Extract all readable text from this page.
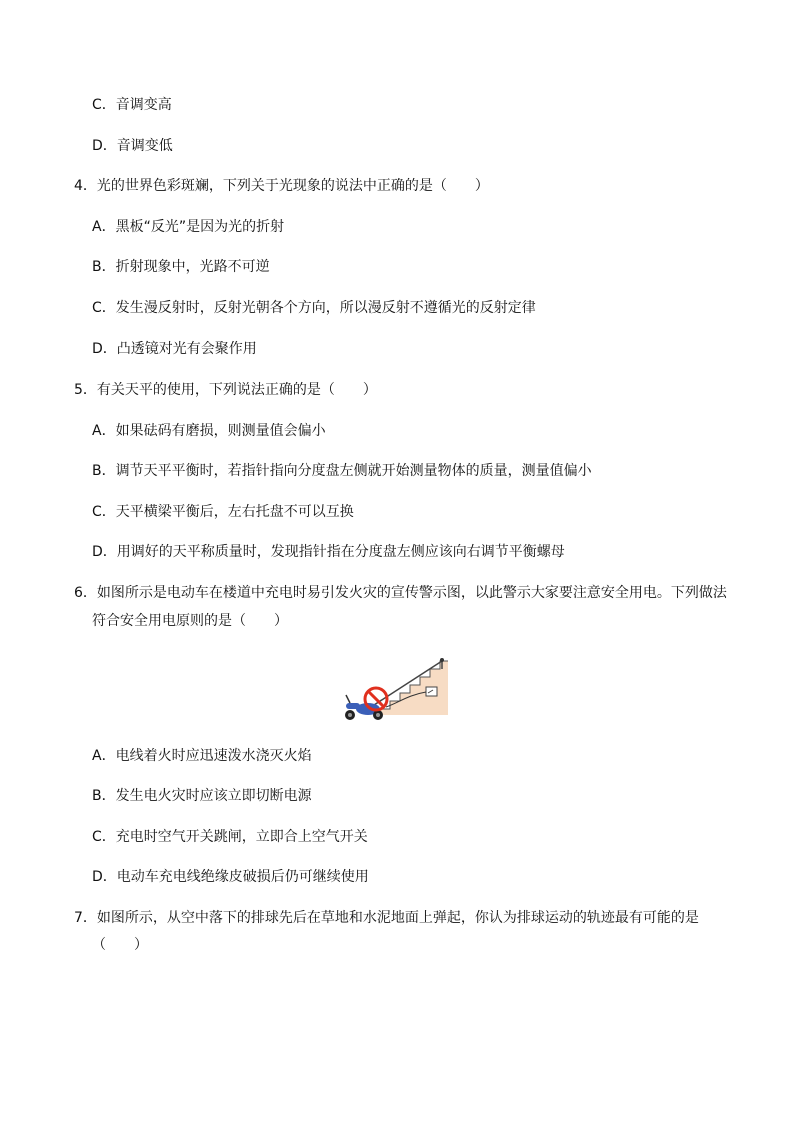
C．音调变高
D．音调变低
4．光的世界色彩斑斓，下列关于光现象的说法中正确的是（　　）
A．黑板“反光”是因为光的折射
B．折射现象中，光路不可逆
C．发生漫反射时，反射光朝各个方向，所以漫反射不遵循光的反射定律
D．凸透镜对光有会聚作用
5．有关天平的使用，下列说法正确的是（　　）
A．如果砝码有磨损，则测量值会偏小
B．调节天平平衡时，若指针指向分度盘左侧就开始测量物体的质量，测量值偏小
C．天平横梁平衡后，左右托盘不可以互换
D．用调好的天平称质量时，发现指针指在分度盘左侧应该向右调节平衡螺母
6．如图所示是电动车在楼道中充电时易引发火灾的宣传警示图，以此警示大家要注意安全用电。下列做法
符合安全用电原则的是（　　）
A．电线着火时应迅速泼水浇灭火焰
B．发生电火灾时应该立即切断电源
C．充电时空气开关跳闸，立即合上空气开关
D．电动车充电线绝缘皮破损后仍可继续使用
7．如图所示，从空中落下的排球先后在草地和水泥地面上弹起，你认为排球运动的轨迹最有可能的是
（　　）
